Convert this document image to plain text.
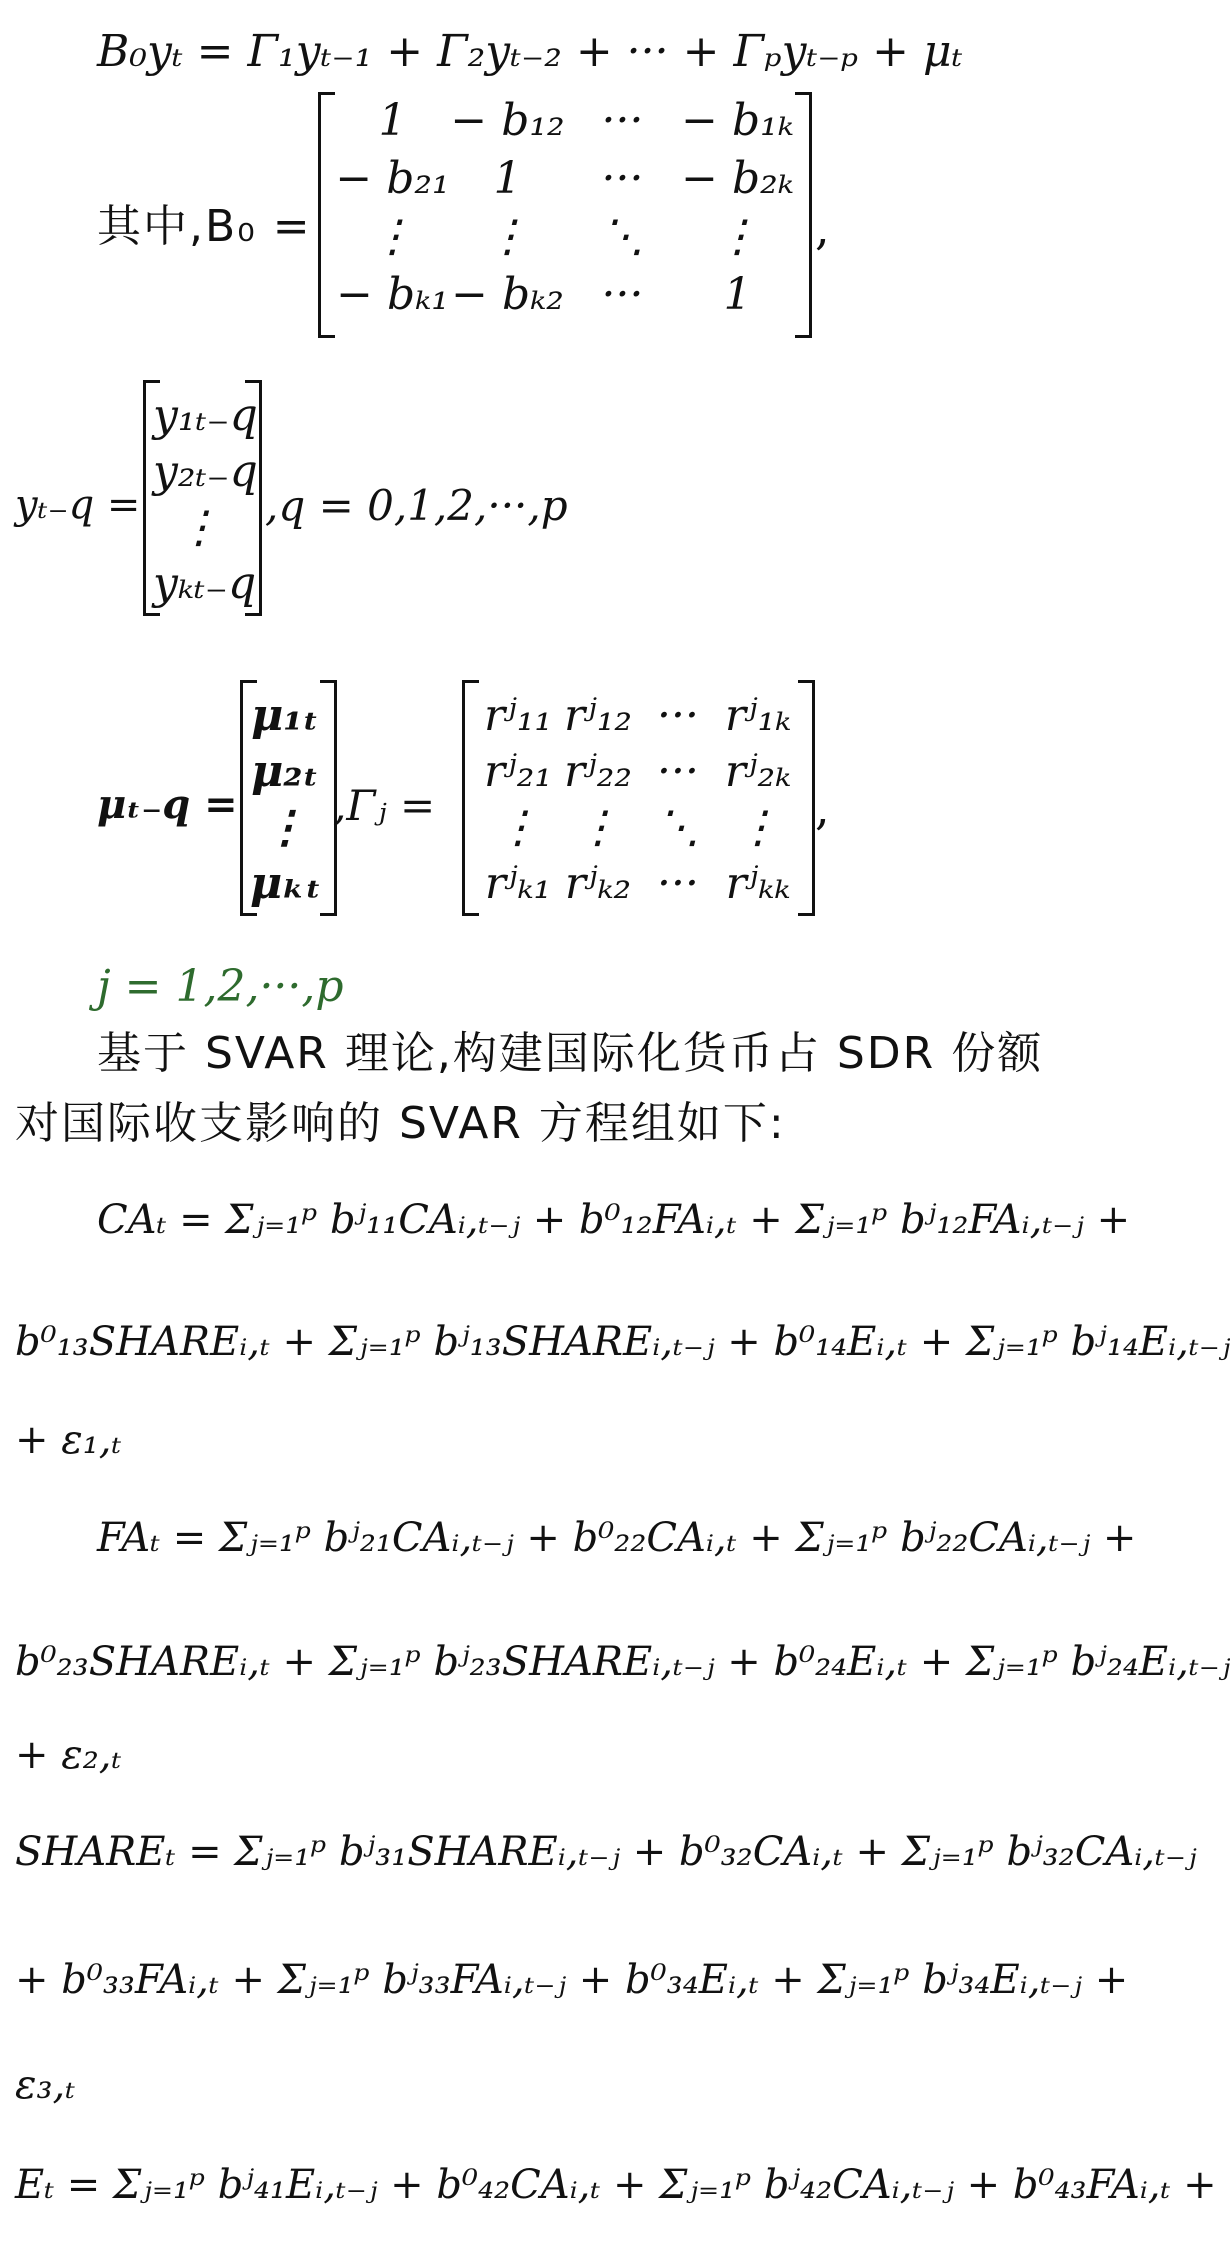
B₀yₜ = Γ₁yₜ₋₁ + Γ₂yₜ₋₂ + ··· + Γₚyₜ₋ₚ + μₜ
其中,B₀ =
1 − b₁₂ ··· − b₁ₖ
− b₂₁ 1	··· − b₂ₖ
⋮	⋮	⋱	⋮
− bₖ₁ − bₖ₂ ···	1
,
yₜ₋q =
y₁ₜ₋q
y₂ₜ₋q
⋮
yₖₜ₋q
,q = 0,1,2,···,p
μₜ₋q =
μ₁ₜ
μ₂ₜ
⋮
μₖₜ
,Γⱼ =
rʲ₁₁ rʲ₁₂ ··· rʲ₁ₖ
rʲ₂₁ rʲ₂₂ ··· rʲ₂ₖ
⋮ ⋮ ⋱ ⋮
rʲₖ₁ rʲₖ₂ ··· rʲₖₖ
,
j = 1,2,···,p
基于 SVAR 理论,构建国际化货币占 SDR 份额
对国际收支影响的 SVAR 方程组如下:
CAₜ = Σⱼ₌₁ᵖ bʲ₁₁CAᵢ,ₜ₋ⱼ + b⁰₁₂FAᵢ,ₜ + Σⱼ₌₁ᵖ bʲ₁₂FAᵢ,ₜ₋ⱼ +
b⁰₁₃SHAREᵢ,ₜ + Σⱼ₌₁ᵖ bʲ₁₃SHAREᵢ,ₜ₋ⱼ + b⁰₁₄Eᵢ,ₜ + Σⱼ₌₁ᵖ bʲ₁₄Eᵢ,ₜ₋ⱼ
+ ε₁,ₜ
FAₜ = Σⱼ₌₁ᵖ bʲ₂₁CAᵢ,ₜ₋ⱼ + b⁰₂₂CAᵢ,ₜ + Σⱼ₌₁ᵖ bʲ₂₂CAᵢ,ₜ₋ⱼ +
b⁰₂₃SHAREᵢ,ₜ + Σⱼ₌₁ᵖ bʲ₂₃SHAREᵢ,ₜ₋ⱼ + b⁰₂₄Eᵢ,ₜ + Σⱼ₌₁ᵖ bʲ₂₄Eᵢ,ₜ₋ⱼ
+ ε₂,ₜ
SHAREₜ = Σⱼ₌₁ᵖ bʲ₃₁SHAREᵢ,ₜ₋ⱼ + b⁰₃₂CAᵢ,ₜ + Σⱼ₌₁ᵖ bʲ₃₂CAᵢ,ₜ₋ⱼ
+ b⁰₃₃FAᵢ,ₜ + Σⱼ₌₁ᵖ bʲ₃₃FAᵢ,ₜ₋ⱼ + b⁰₃₄Eᵢ,ₜ + Σⱼ₌₁ᵖ bʲ₃₄Eᵢ,ₜ₋ⱼ +
ε₃,ₜ
Eₜ = Σⱼ₌₁ᵖ bʲ₄₁Eᵢ,ₜ₋ⱼ + b⁰₄₂CAᵢ,ₜ + Σⱼ₌₁ᵖ bʲ₄₂CAᵢ,ₜ₋ⱼ + b⁰₄₃FAᵢ,ₜ +
